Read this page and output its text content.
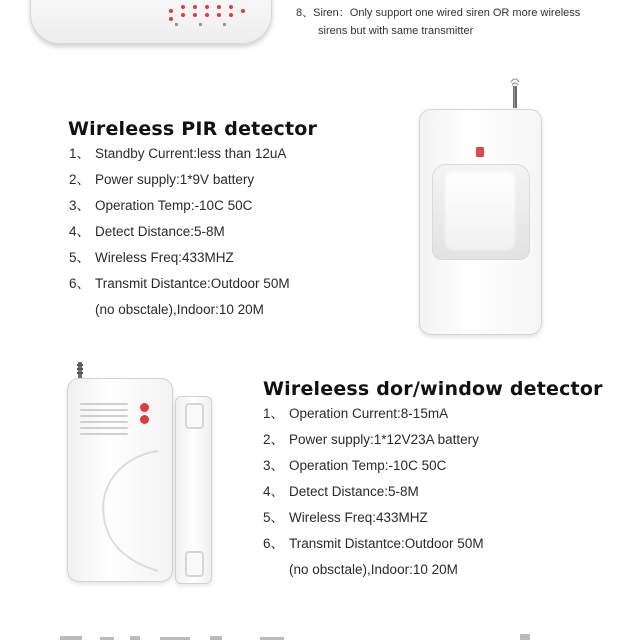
8、Siren：Only support one wired siren OR more wireless
sirens but with same transmitter
Wireleess PIR detector
1、 Standby Current:less than 12uA
2、 Power supply:1*9V battery
3、 Operation Temp:-10C 50C
4、 Detect Distance:5-8M
5、 Wireless Freq:433MHZ
6、 Transmit Distantce:Outdoor 50M
(no obsctale),Indoor:10 20M
Wireleess dor/window detector
1、 Operation Current:8-15mA
2、 Power supply:1*12V23A battery
3、 Operation Temp:-10C 50C
4、 Detect Distance:5-8M
5、 Wireless Freq:433MHZ
6、 Transmit Distantce:Outdoor 50M
(no obsctale),Indoor:10 20M
